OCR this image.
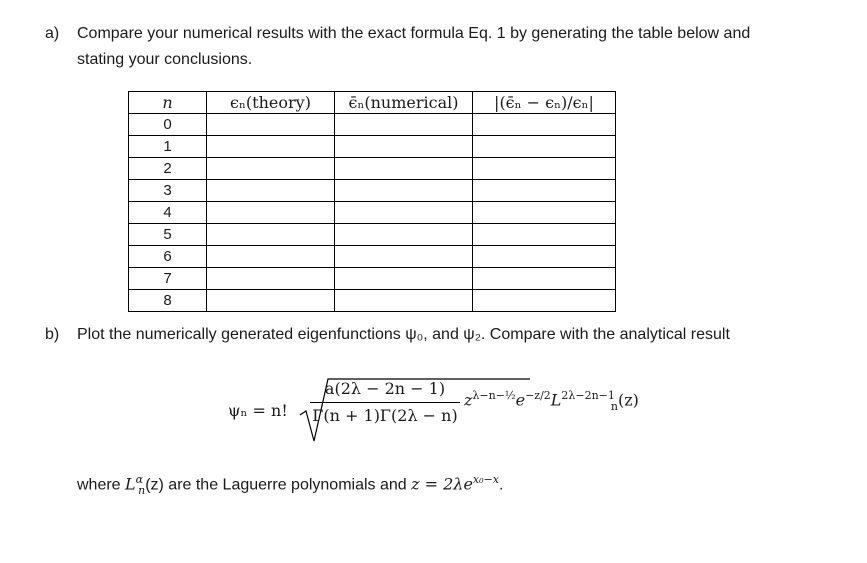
a) Compare your numerical results with the exact formula Eq. 1 by generating the table below and
stating your conclusions.
n	ϵₙ(theory)	ϵ̄ₙ(numerical)	|(ϵ̄ₙ − ϵₙ)/ϵₙ|
0			
1			
2			
3			
4			
5			
6			
7			
8			
b) Plot the numerically generated eigenfunctions ψ₀, and ψ₂. Compare with the analytical result
ψₙ = n!
a(2λ − 2n − 1)
Γ(n + 1)Γ(2λ − n)
$z^{\lambda-n-\frac{1}{2}}e^{-z/2}L^{2\lambda-2n-1}_n(z)$
where $L^\alpha_n(z)$ are the Laguerre polynomials and $z = 2\lambda e^{x_0-x}$.
